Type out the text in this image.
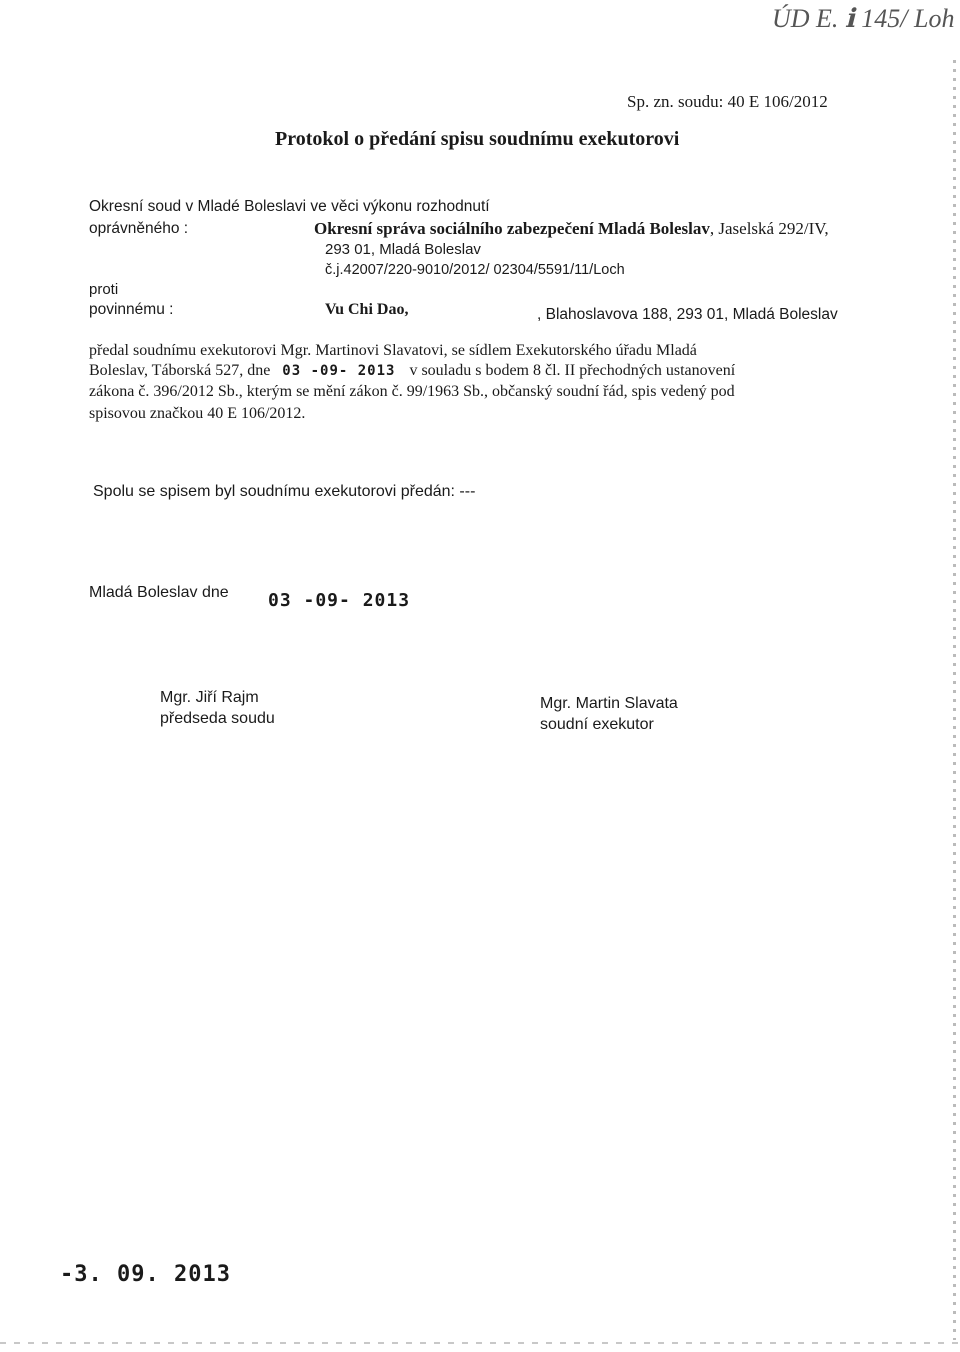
ÚD E. ℹ 145/ Loh
Sp. zn. soudu: 40 E 106/2012
Protokol o předání spisu soudnímu exekutorovi
Okresní soud v Mladé Boleslavi ve věci výkonu rozhodnutí
oprávněného :	Okresní správa sociálního zabezpečení Mladá Boleslav, Jaselská 292/IV,
293 01, Mladá Boleslav
č.j.42007/220-9010/2012/ 02304/5591/11/Loch
proti
povinnému :	Vu Chi Dao,	, Blahoslavova 188, 293 01, Mladá Boleslav
předal soudnímu exekutorovi Mgr. Martinovi Slavatovi, se sídlem Exekutorského úřadu Mladá
Boleslav, Táborská 527, dne 03 -09- 2013 v souladu s bodem 8 čl. II přechodných ustanovení
zákona č. 396/2012 Sb., kterým se mění zákon č. 99/1963 Sb., občanský soudní řád, spis vedený pod
spisovou značkou 40 E 106/2012.
Spolu se spisem byl soudnímu exekutorovi předán: ---
Mladá Boleslav dne 03 -09- 2013
Mgr. Jiří Rajm
předseda soudu
Mgr. Martin Slavata
soudní exekutor
-3. 09. 2013
